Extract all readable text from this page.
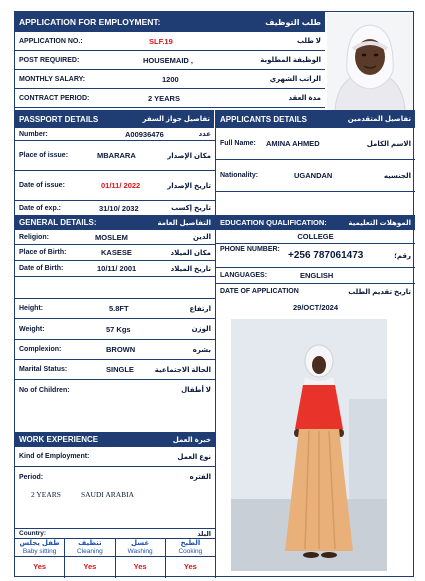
APPLICATION FOR EMPLOYMENT:	طلب التوظيف
APPLICATION NO.:	SLF.19	لا طلب
POST REQUIRED:	HOUSEMAID ,	الوظيفة المطلوبة
MONTHLY SALARY:	1200	الراتب الشهري
CONTRACT PERIOD:	2 YEARS	مدة العقد
PASSPORT DETAILS	تفاصيل جواز السفر APPLICANTS DETAILS	تفاصيل المتقدمين
Number:	A00936476	عدد
Place of issue:	MBARARA	مكان الإصدار
Date of issue:	01/11/ 2022	تاريخ الإصدار
Date of exp.:	31/10/ 2032	تاريخ إكسب
Full Name: AMINA AHMED	الاسم الكامل
Nationality:	UGANDAN	الجنسيه
GENERAL DETAILS:	التفاصيل العامة EDUCATION QUALIFICATION:	الموهلات التعليمية
Religion:	MOSLEM	الدين
Place of Birth:	KASESE	مكان الميلاد
Date of Birth:	10/11/ 2001	تاريخ الميلاد
Height:	5.8FT	ارتفاع
Weight:	57 Kgs	الوزن
Complexion:	BROWN	بشره
Marital Status:	SINGLE	الحالة الاجتماعية
No of Children:	لا أطفال
COLLEGE
PHONE NUMBER:
+256 787061473	رقم؛
LANGUAGES:	ENGLISH
DATE OF APPLICATION	تاريخ تقديم الطلب
29/OCT/2024
WORK EXPERIENCE	خبرة العمل
Kind of Employment:	نوع العمل
Period:	الفتره
2 YEARS	SAUDI ARABIA
Country:	البلد
طفل يجلس
Baby sitting
Yes
تنظيف
Cleaning
Yes
غسل
Washing
Yes
الطبخ
Cooking
Yes
